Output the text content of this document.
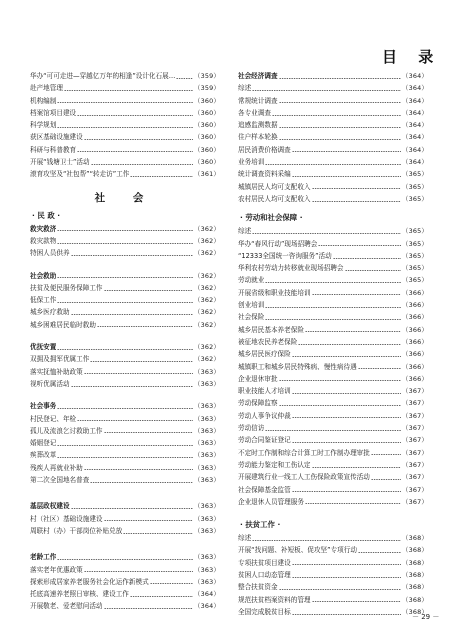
目 录
华办“可可走进—穿越亿万年的相逢”设计化石展…	（359）
赴产地管理	（359）
机构编制	（360）
档案馆项目建设	（360）
科学规划	（360）
获区基础设施建设	（360）
科研与科普教育	（360）
开展“钱塘卫士”活动	（360）
滚育攻坚及“社包帮”“转走访”工作	（361）
社 会
· 民 政 ·
救灾救济	（362）
救灾款物	（362）
特困人员供养	（362）
社会救助	（362）
扶贫及便民服务保障工作	（362）
低保工作	（362）
城乡医疗救助	（362）
城乡困难居民临时救助	（362）
优抚安置	（362）
双拥及拥军优属工作	（362）
落实抚恤补助政策	（363）
视听优属活动	（363）
社会事务	（363）
村民登记、年检	（363）
孤儿及流浪乞讨救助工作	（363）
婚姻登记	（363）
殡葬改革	（363）
残疾人再就业补助	（363）
第二次全国地名普查	（363）
基层政权建设	（363）
村（社区）基础设施建设	（363）
周联村（办）干部岗位补贴兑放	（363）
老龄工作	（363）
落实老年优惠政策	（363）
探索形成居家养老服务社会化运作新模式	（363）
托底高速养老照日审核、建设工作	（364）
开展敬老、爱老慰问活动	（364）
社会经济调查	（364）
综述	（364）
常规统计调查	（364）
各专业调查	（364）
追感监测数据	（364）
住户样本轮换	（364）
居民消费价格调查	（364）
业务培训	（364）
统计调查资料采编	（365）
城镇居民人均可支配收入	（365）
农村居民人均可支配收入	（365）
· 劳动和社会保障 ·
综述	（365）
华办“春风行动”现场招聘会	（365）
“12333全国统一咨询服务”活动	（365）
华利农村劳动力转移就业现场招聘会	（365）
劳动就业	（365）
开展省级和职业技能培训	（366）
创业培训	（366）
社会保险	（366）
城乡居民基本养老保险	（366）
被征地农民养老保险	（366）
城乡居民医疗保险	（366）
城镇职工和城乡居民特殊病、慢性病待遇	（366）
企业退休审批	（366）
职业技能人才培训	（367）
劳动保障监察	（367）
劳动人事争议仲裁	（367）
劳动信访	（367）
劳动合同鉴证登记	（367）
不定时工作制和综合计算工时工作制办理审批	（367）
劳动能力鉴定和工伤认定	（367）
开展建筑行业一线工人工伤保险政策宣传活动	（367）
社会保障基金监管	（367）
企业退休人员管理服务	（367）
· 扶贫工作 ·
综述	（368）
开展“找问题、补短板、促攻坚”专项行动	（368）
专项扶贫项目建设	（368）
贫困人口动态管理	（368）
整合扶贫资金	（368）
规范扶贫档案资料的管理	（368）
全国完成脱贫目标	（368）
－ 29 －
